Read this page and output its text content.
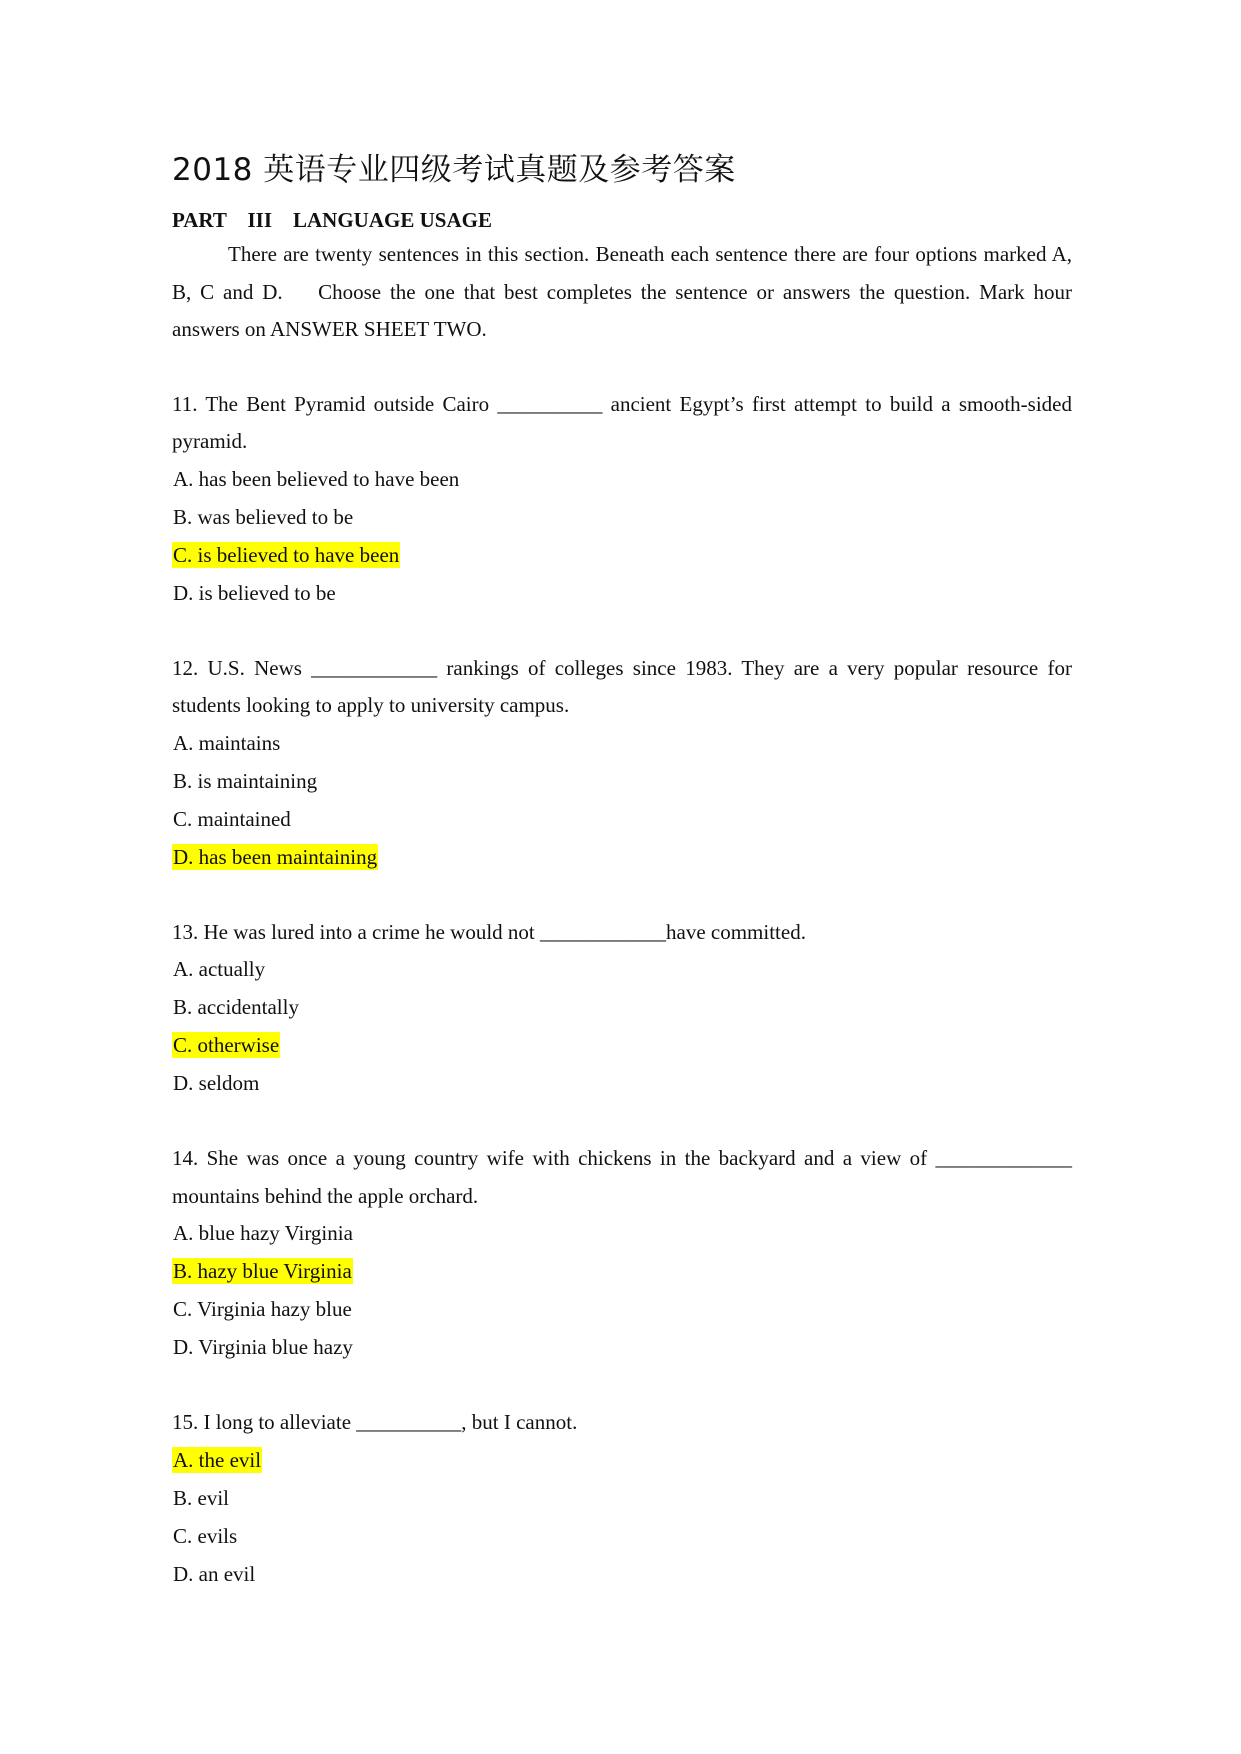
2018 英语专业四级考试真题及参考答案
PART    III    LANGUAGE USAGE
There are twenty sentences in this section. Beneath each sentence there are four options marked A, B, C and D.    Choose the one that best completes the sentence or answers the question. Mark hour answers on ANSWER SHEET TWO.
11. The Bent Pyramid outside Cairo __________ ancient Egypt’s first attempt to build a smooth-sided pyramid.
A. has been believed to have been
B. was believed to be
C. is believed to have been
D. is believed to be
12. U.S. News ____________ rankings of colleges since 1983. They are a very popular resource for students looking to apply to university campus.
A. maintains
B. is maintaining
C. maintained
D. has been maintaining
13. He was lured into a crime he would not ____________have committed.
A. actually
B. accidentally
C. otherwise
D. seldom
14. She was once a young country wife with chickens in the backyard and a view of _____________ mountains behind the apple orchard.
A. blue hazy Virginia
B. hazy blue Virginia
C. Virginia hazy blue
D. Virginia blue hazy
15. I long to alleviate __________, but I cannot.
A. the evil
B. evil
C. evils
D. an evil
